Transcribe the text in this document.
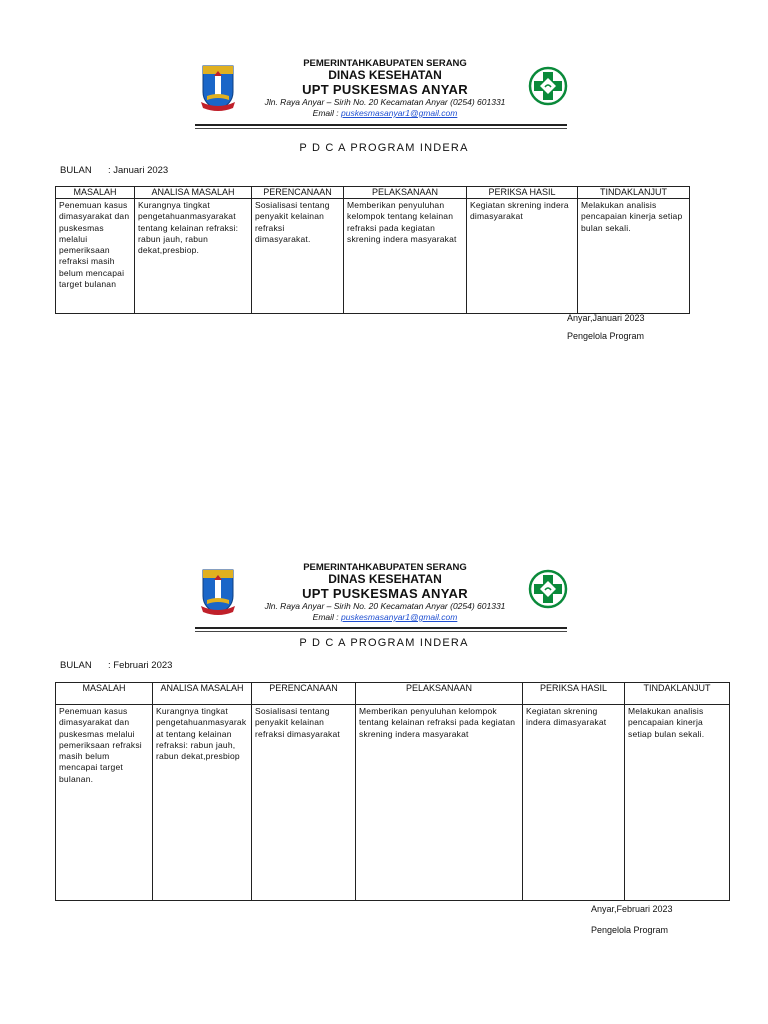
PEMERINTAHKABUPATEN SERANG
DINAS KESEHATAN
UPT PUSKESMAS ANYAR
Jln. Raya Anyar – Sirih No. 20 Kecamatan Anyar (0254) 601331
Email : puskesmasanyar1@gmail.com
P D C A PROGRAM INDERA
BULAN : Januari 2023
MASALAH	ANALISA MASALAH	PERENCANAAN	PELAKSANAAN	PERIKSA HASIL	TINDAKLANJUT
Penemuan kasus dimasyarakat dan puskesmas melalui pemeriksaan refraksi masih belum mencapai target bulanan	Kurangnya tingkat pengetahuanmasyarakat tentang kelainan refraksi: rabun jauh, rabun dekat,presbiop.	Sosialisasi tentang penyakit kelainan refraksi dimasyarakat.	Memberikan penyuluhan kelompok tentang kelainan refraksi pada kegiatan skrening indera masyarakat	Kegiatan skrening indera dimasyarakat	Melakukan analisis pencapaian kinerja setiap bulan sekali.
Anyar,Januari 2023
Pengelola Program
PEMERINTAHKABUPATEN SERANG
DINAS KESEHATAN
UPT PUSKESMAS ANYAR
Jln. Raya Anyar – Sirih No. 20 Kecamatan Anyar (0254) 601331
Email : puskesmasanyar1@gmail.com
P D C A PROGRAM INDERA
BULAN : Februari 2023
MASALAH	ANALISA MASALAH	PERENCANAAN	PELAKSANAAN	PERIKSA HASIL	TINDAKLANJUT
Penemuan kasus dimasyarakat dan puskesmas melalui pemeriksaan refraksi masih belum mencapai target bulanan.	Kurangnya tingkat pengetahuanmasyarakat tentang kelainan refraksi: rabun jauh, rabun dekat,presbiop	Sosialisasi tentang penyakit kelainan refraksi dimasyarakat	Memberikan penyuluhan kelompok tentang kelainan refraksi pada kegiatan skrening indera masyarakat	Kegiatan skrening indera dimasyarakat	Melakukan analisis pencapaian kinerja setiap bulan sekali.
Anyar,Februari 2023
Pengelola Program
